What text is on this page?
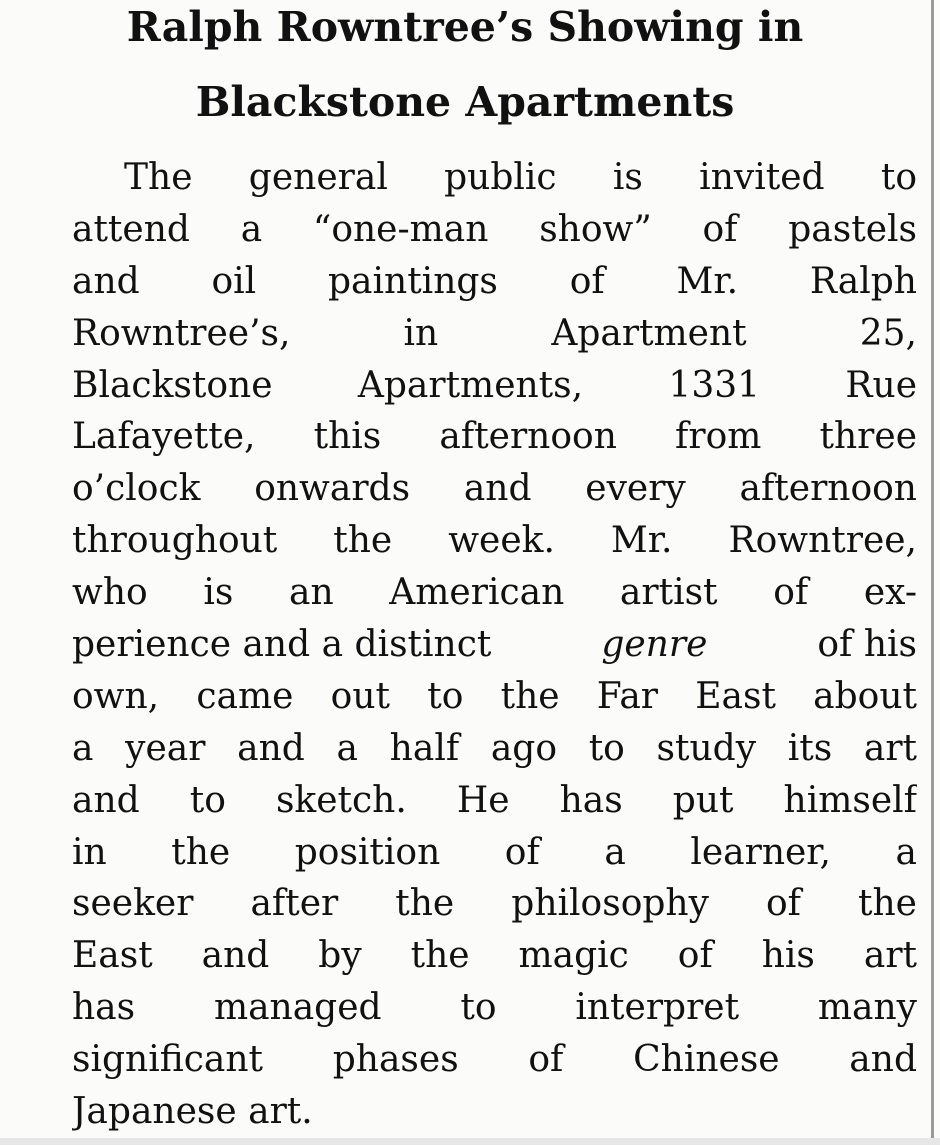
Ralph Rowntree’s Showing in
Blackstone Apartments
The general public is invited to
attend a “one-man show” of pastels
and oil paintings of Mr. Ralph
Rowntree’s, in Apartment 25,
Blackstone Apartments, 1331 Rue
Lafayette, this afternoon from three
o’clock onwards and every afternoon
throughout the week. Mr. Rowntree,
who is an American artist of ex-
perience and a distinct	genre	of his
own, came out to the Far East about
a year and a half ago to study its art
and to sketch. He has put himself
in the position of a learner, a
seeker after the philosophy of the
East and by the magic of his art
has managed to interpret many
significant phases of Chinese and
Japanese art.
